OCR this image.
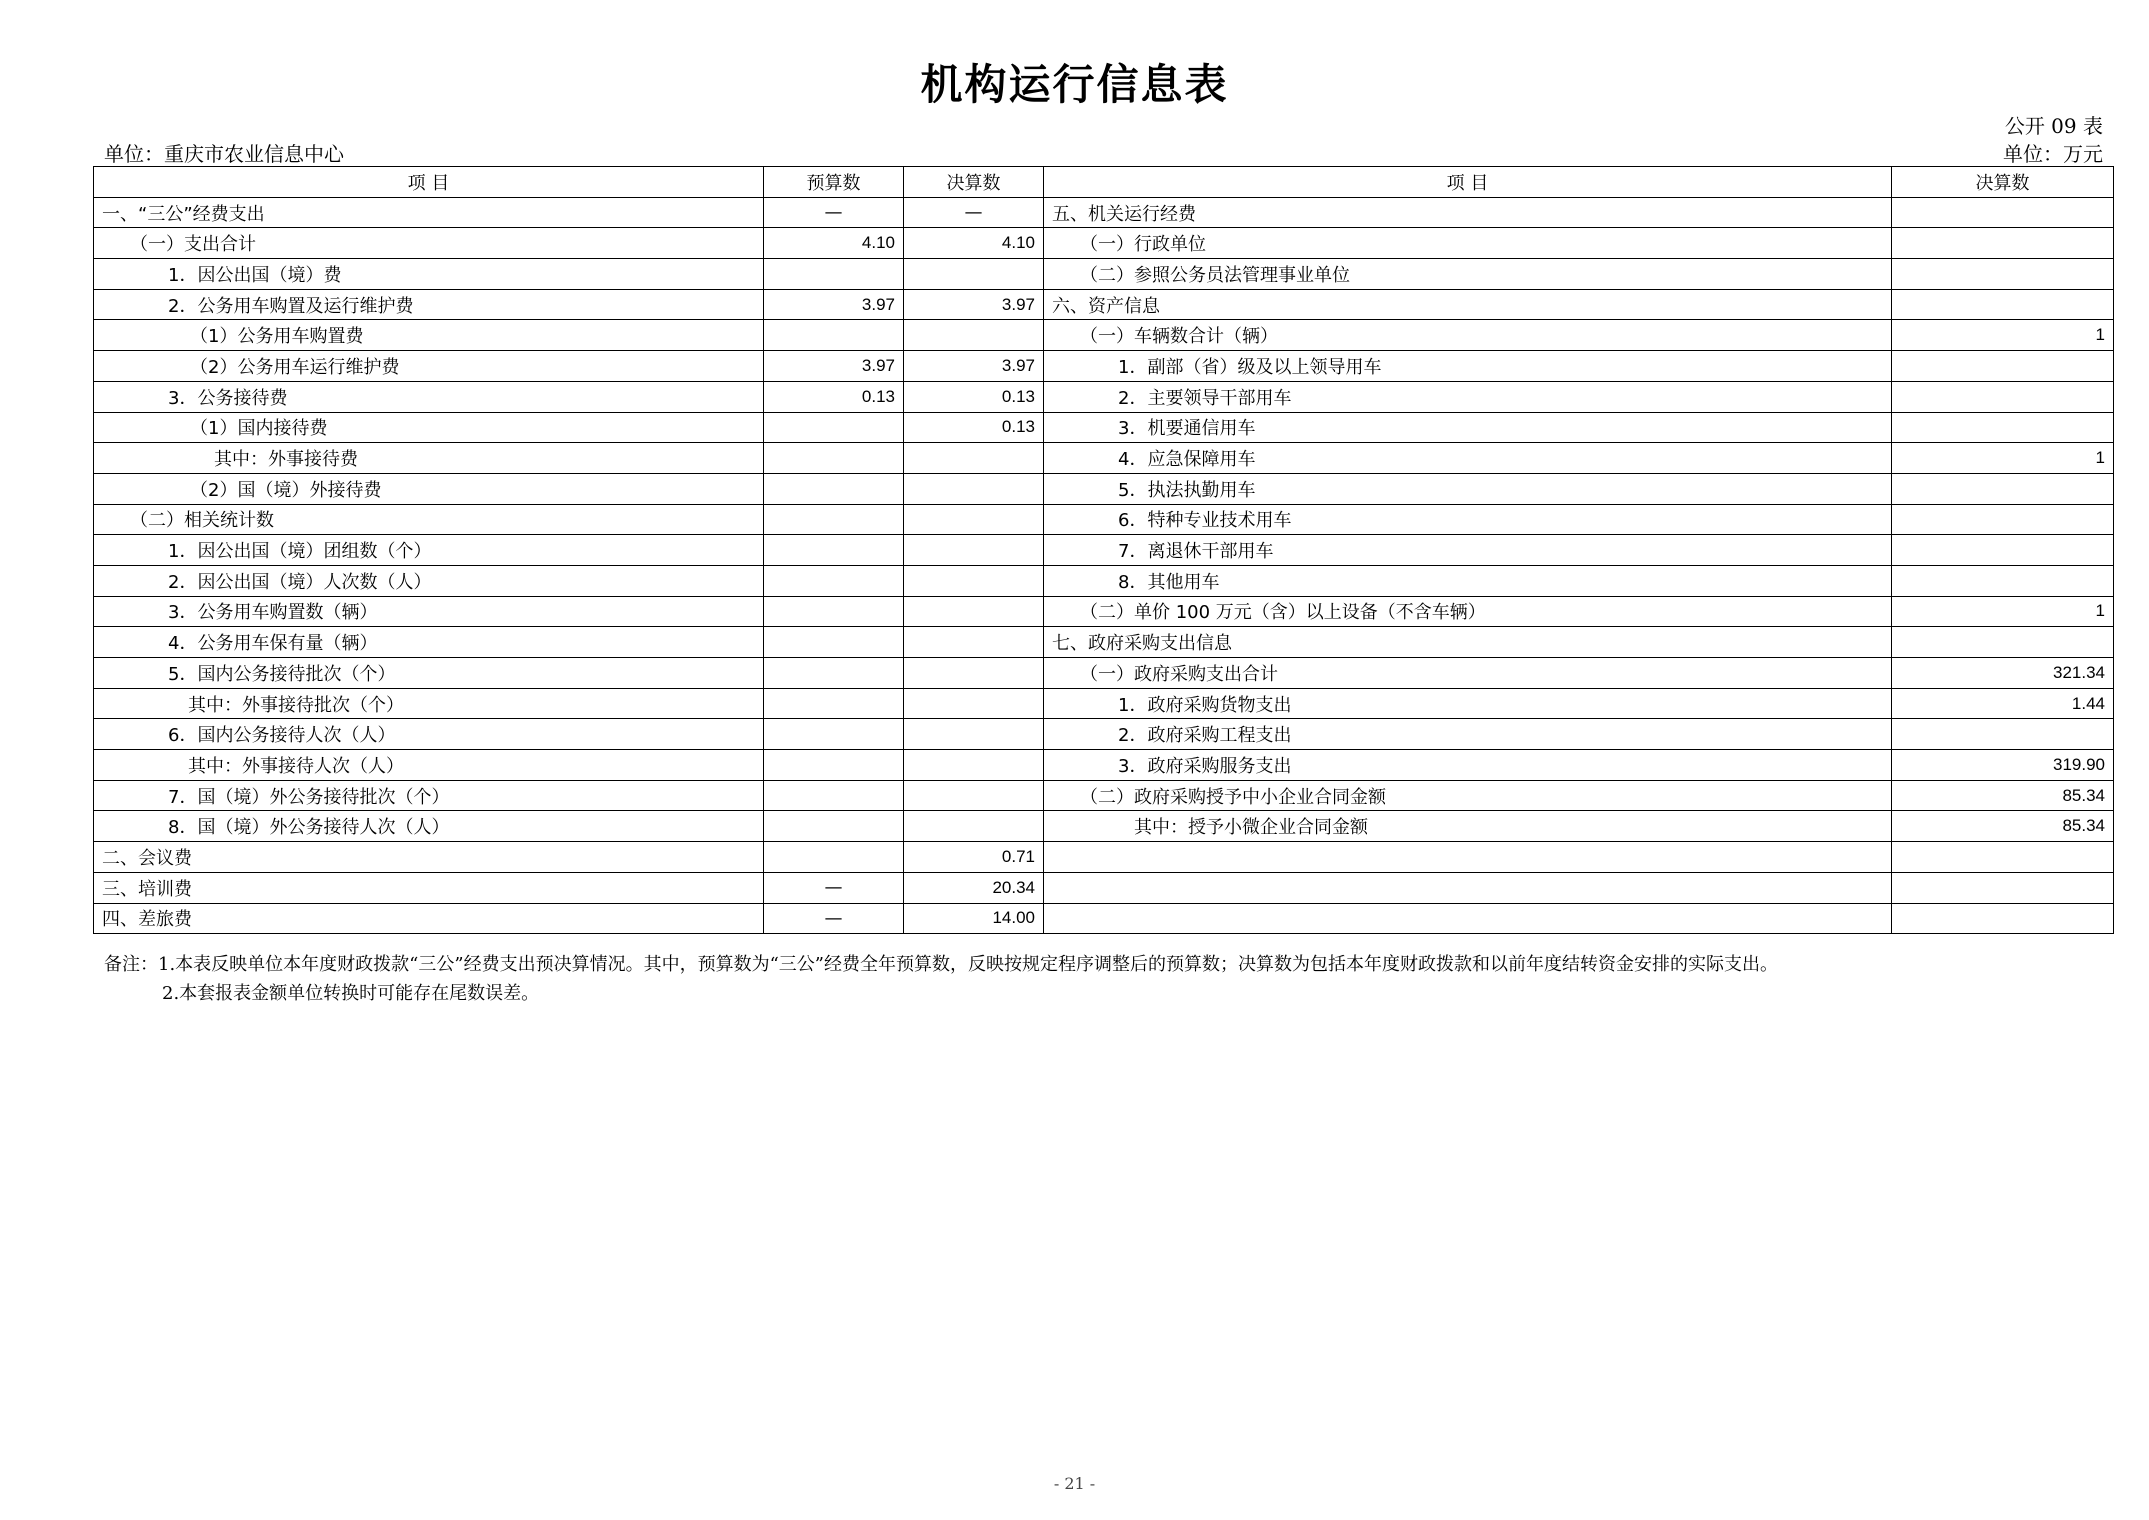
机构运行信息表
公开 09 表
单位：重庆市农业信息中心	单位：万元
项 目	预算数	决算数	项 目	决算数
一、“三公”经费支出	—	—	五、机关运行经费	
（一）支出合计	4.10	4.10	（一）行政单位	
1．因公出国（境）费			（二）参照公务员法管理事业单位	
2．公务用车购置及运行维护费	3.97	3.97	六、资产信息	
（1）公务用车购置费			（一）车辆数合计（辆）	1
（2）公务用车运行维护费	3.97	3.97	1．副部（省）级及以上领导用车	
3．公务接待费	0.13	0.13	2．主要领导干部用车	
（1）国内接待费		0.13	3．机要通信用车	
其中：外事接待费			4．应急保障用车	1
（2）国（境）外接待费			5．执法执勤用车	
（二）相关统计数			6．特种专业技术用车	
1．因公出国（境）团组数（个）			7．离退休干部用车	
2．因公出国（境）人次数（人）			8．其他用车	
3．公务用车购置数（辆）			（二）单价 100 万元（含）以上设备（不含车辆）	1
4．公务用车保有量（辆）			七、政府采购支出信息	
5．国内公务接待批次（个）			（一）政府采购支出合计	321.34
其中：外事接待批次（个）			1．政府采购货物支出	1.44
6．国内公务接待人次（人）			2．政府采购工程支出	
其中：外事接待人次（人）			3．政府采购服务支出	319.90
7．国（境）外公务接待批次（个）			（二）政府采购授予中小企业合同金额	85.34
8．国（境）外公务接待人次（人）			其中：授予小微企业合同金额	85.34
二、会议费		0.71		
三、培训费	—	20.34		
四、差旅费	—	14.00		
备注：1.本表反映单位本年度财政拨款“三公”经费支出预决算情况。其中，预算数为“三公”经费全年预算数，反映按规定程序调整后的预算数；决算数为包括本年度财政拨款和以前年度结转资金安排的实际支出。
2.本套报表金额单位转换时可能存在尾数误差。
- 21 -
